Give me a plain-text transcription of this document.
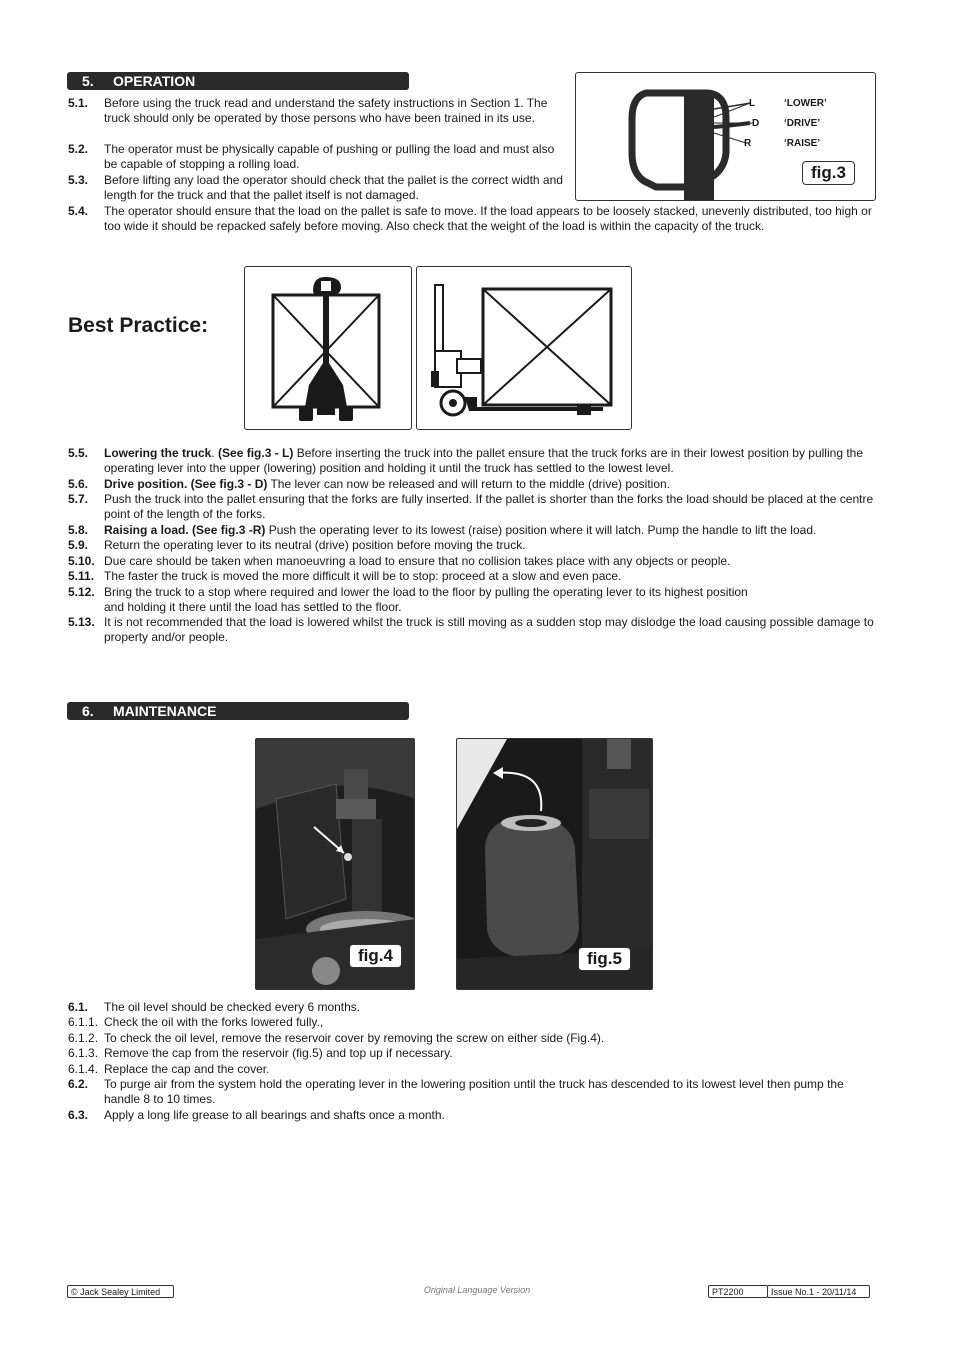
5. OPERATION
5.1. Before using the truck read and understand the safety instructions in Section 1. The truck should only be operated by those persons who have been trained in its use.
5.2. The operator must be physically capable of pushing or pulling the load and must also be capable of stopping a rolling load.
5.3. Before lifting any load the operator should check that the pallet is the correct width and length for the truck and that the pallet itself is not damaged.
5.4. The operator should ensure that the load on the pallet is safe to move. If the load appears to be loosely stacked, unevenly distributed, too high or too wide it should be repacked safely before moving. Also check that the weight of the load is within the capacity of the truck.
L
D
R
‘LOWER’
‘DRIVE’
‘RAISE’
fig.3
Best Practice:
5.5. Lowering the truck. (See fig.3 - L) Before inserting the truck into the pallet ensure that the truck forks are in their lowest position by pulling the operating lever into the upper (lowering) position and holding it until the truck has settled to the lowest level.
5.6. Drive position. (See fig.3 - D) The lever can now be released and will return to the middle (drive) position.
5.7. Push the truck into the pallet ensuring that the forks are fully inserted. If the pallet is shorter than the forks the load should be placed at the centre point of the length of the forks.
5.8. Raising a load. (See fig.3 -R) Push the operating lever to its lowest (raise) position where it will latch. Pump the handle to lift the load.
5.9. Return the operating lever to its neutral (drive) position before moving the truck.
5.10. Due care should be taken when manoeuvring a load to ensure that no collision takes place with any objects or people.
5.11. The faster the truck is moved the more difficult it will be to stop: proceed at a slow and even pace.
5.12. Bring the truck to a stop where required and lower the load to the floor by pulling the operating lever to its highest position
and holding it there until the load has settled to the floor.
5.13. It is not recommended that the load is lowered whilst the truck is still moving as a sudden stop may dislodge the load causing possible damage to property and/or people.
6. MAINTENANCE
fig.4	fig.5
6.1. The oil level should be checked every 6 months.
6.1.1. Check the oil with the forks lowered fully.,
6.1.2. To check the oil level, remove the reservoir cover by removing the screw on either side (Fig.4).
6.1.3. Remove the cap from the reservoir (fig.5) and top up if necessary.
6.1.4. Replace the cap and the cover.
6.2. To purge air from the system hold the operating lever in the lowering position until the truck has descended to its lowest level then pump the handle 8 to 10 times.
6.3. Apply a long life grease to all bearings and shafts once a month.
© Jack Sealey Limited	Original Language Version	PT2200	Issue No.1 - 20/11/14
